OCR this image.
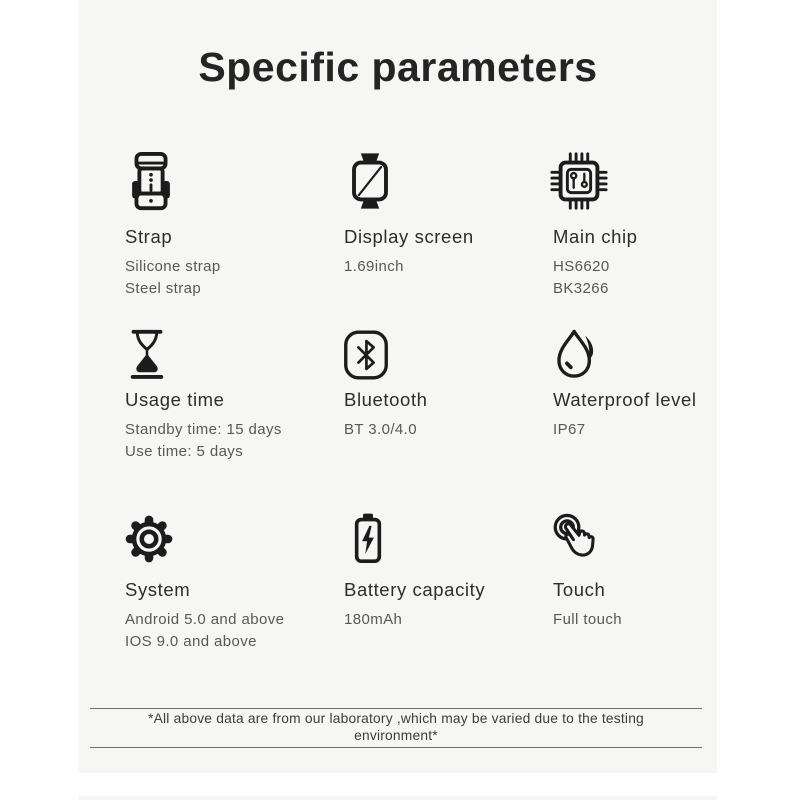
Specific parameters
Strap
Silicone strap
Steel strap
Display screen
1.69inch
Main chip
HS6620
BK3266
Usage time
Standby time: 15 days
Use time: 5 days
Bluetooth
BT 3.0/4.0
Waterproof level
IP67
System
Android 5.0 and above
IOS 9.0 and above
Battery capacity
180mAh
Touch
Full touch
*All above data are from our laboratory ,which may be varied due to the testing
environment*
